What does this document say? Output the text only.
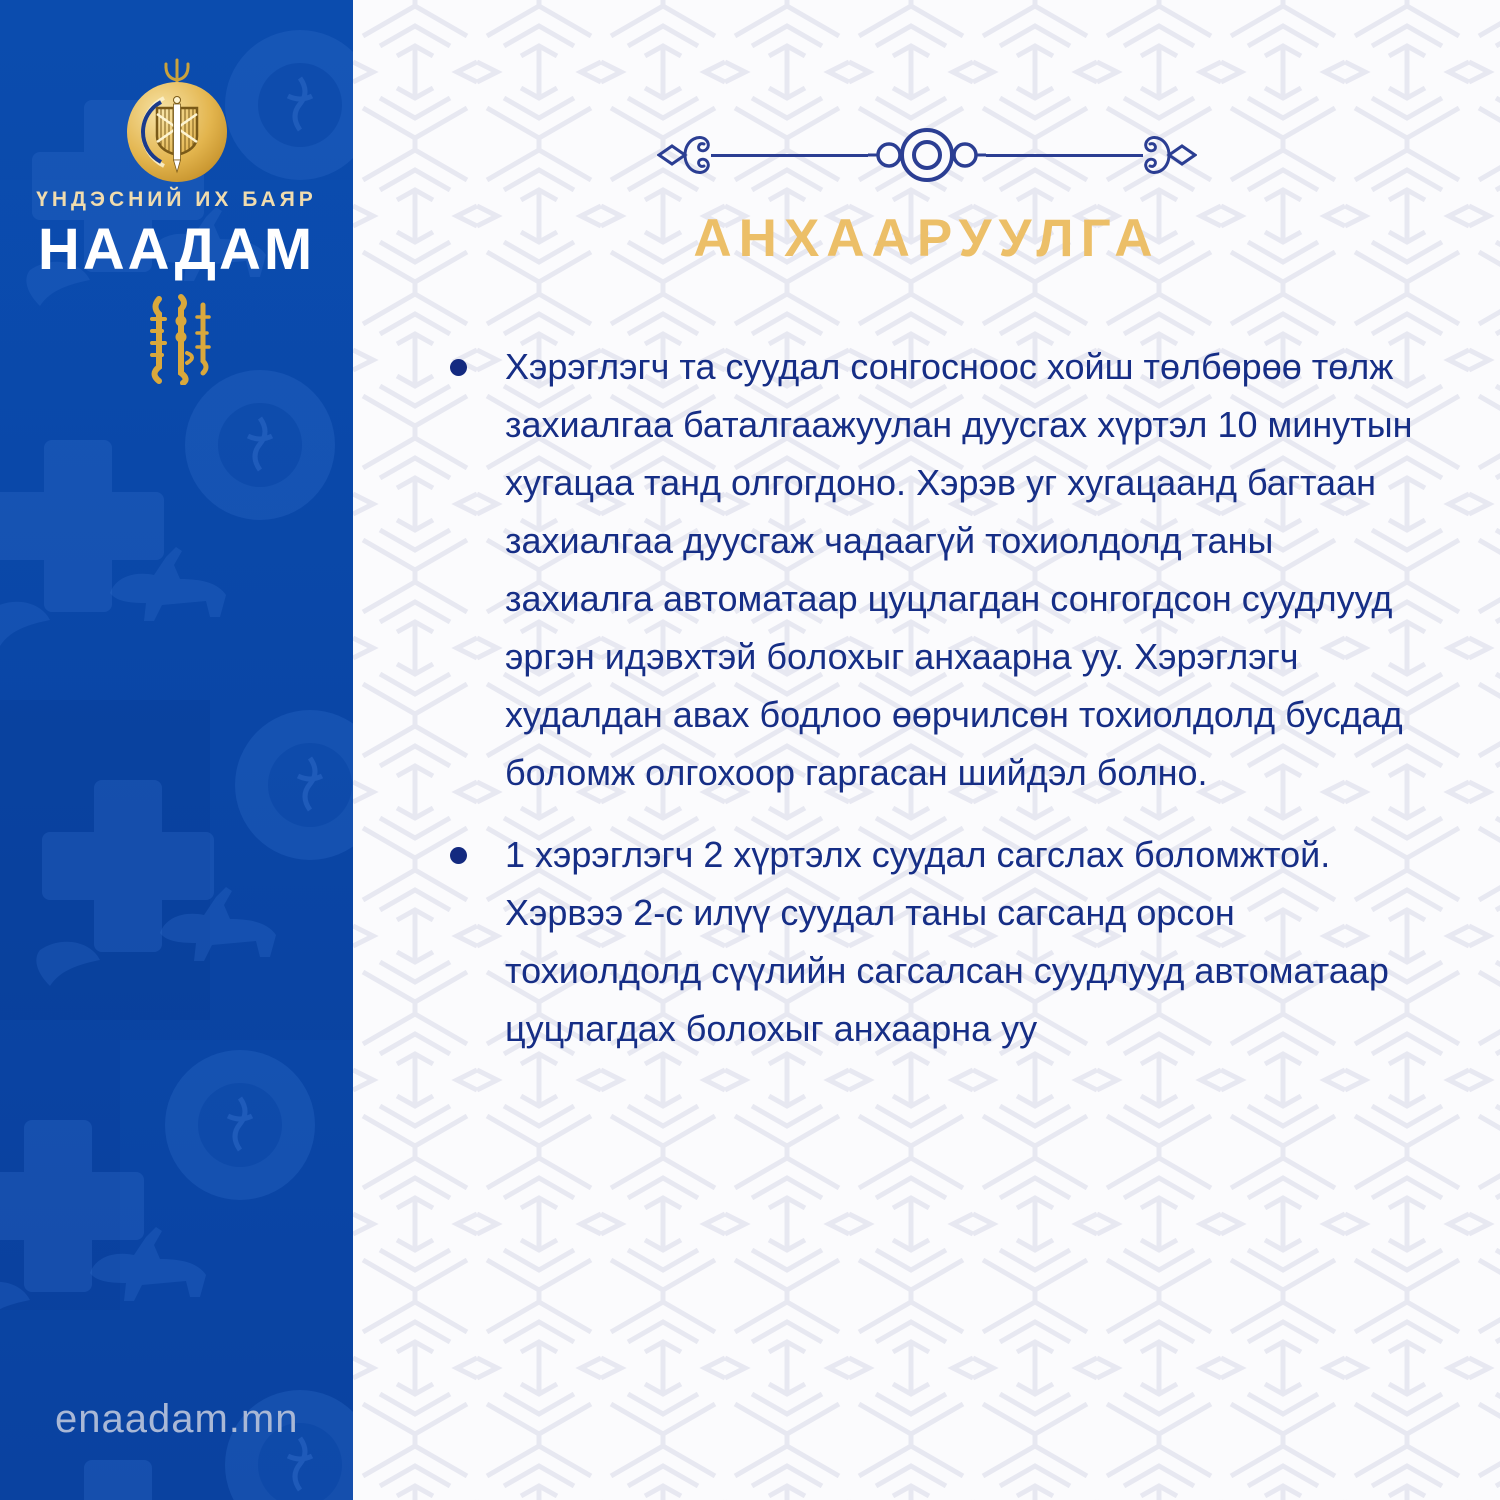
ҮНДЭСНИЙ ИХ БАЯР
НААДАМ
enaadam.mn
АНХААРУУЛГА
Хэрэглэгч та суудал сонгосноос хойш төлбөрөө төлж захиалгаа баталгаажуулан дуусгах хүртэл 10 минутын хугацаа танд олгогдоно. Хэрэв уг хугацаанд багтаан захиалгаа дуусгаж чадаагүй тохиолдолд таны захиалга автоматаар цуцлагдан сонгогдсон суудлууд эргэн идэвхтэй болохыг анхаарна уу. Хэрэглэгч худалдан авах бодлоо өөрчилсөн тохиолдолд бусдад боломж олгохоор гаргасан шийдэл болно.
1 хэрэглэгч 2 хүртэлх суудал сагслах боломжтой. Хэрвээ 2-с илүү суудал таны сагсанд орсон тохиолдолд сүүлийн сагсалсан суудлууд автоматаар цуцлагдах болохыг анхаарна уу
